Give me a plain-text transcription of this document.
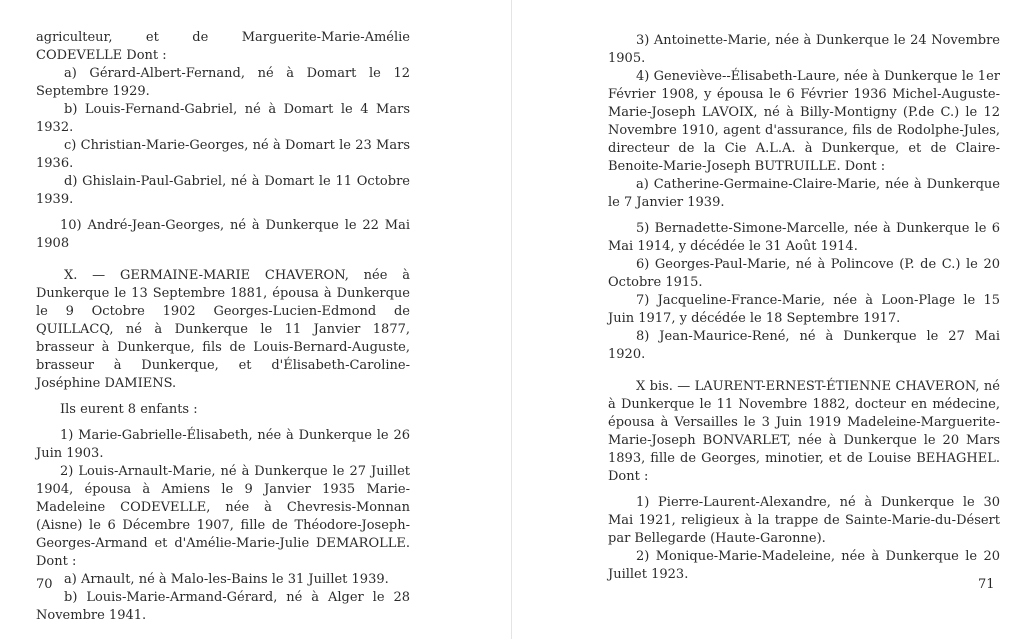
agriculteur, et de Marguerite-Marie-Amélie CODEVELLE Dont :

a) Gérard-Albert-Fernand, né à Domart le 12 Septembre 1929.

b) Louis-Fernand-Gabriel, né à Domart le 4 Mars 1932.

c) Christian-Marie-Georges, né à Domart le 23 Mars 1936.

d) Ghislain-Paul-Gabriel, né à Domart le 11 Octobre 1939.

10) André-Jean-Georges, né à Dunkerque le 22 Mai 1908

X. — GERMAINE-MARIE CHAVERON, née à Dunkerque le 13 Septembre 1881, épousa à Dunkerque le 9 Octobre 1902 Georges-Lucien-Edmond de QUILLACQ, né à Dunkerque le 11 Janvier 1877, brasseur à Dunkerque, fils de Louis-Bernard-Auguste, brasseur à Dunkerque, et d'Élisabeth-Caroline-Joséphine DAMIENS.

Ils eurent 8 enfants :

1) Marie-Gabrielle-Élisabeth, née à Dunkerque le 26 Juin 1903.

2) Louis-Arnault-Marie, né à Dunkerque le 27 Juillet 1904, épousa à Amiens le 9 Janvier 1935 Marie-Madeleine CODEVELLE, née à Chevresis-Monnan (Aisne) le 6 Décembre 1907, fille de Théodore-Joseph-Georges-Armand et d'Amélie-Marie-Julie DEMAROLLE. Dont :

a) Arnault, né à Malo-les-Bains le 31 Juillet 1939.

b) Louis-Marie-Armand-Gérard, né à Alger le 28 Novembre 1941.

70

3) Antoinette-Marie, née à Dunkerque le 24 Novembre 1905.

4) Geneviève--Élisabeth-Laure, née à Dunkerque le 1er Février 1908, y épousa le 6 Février 1936 Michel-Auguste-Marie-Joseph LAVOIX, né à Billy-Montigny (P.de C.) le 12 Novembre 1910, agent d'assurance, fils de Rodolphe-Jules, directeur de la Cie A.L.A. à Dunkerque, et de Claire-Benoite-Marie-Joseph BUTRUILLE. Dont :

a) Catherine-Germaine-Claire-Marie, née à Dunkerque le 7 Janvier 1939.

5) Bernadette-Simone-Marcelle, née à Dunkerque le 6 Mai 1914, y décédée le 31 Août 1914.

6) Georges-Paul-Marie, né à Polincove (P. de C.) le 20 Octobre 1915.

7) Jacqueline-France-Marie, née à Loon-Plage le 15 Juin 1917, y décédée le 18 Septembre 1917.

8) Jean-Maurice-René, né à Dunkerque le 27 Mai 1920.

X bis. — LAURENT-ERNEST-ÉTIENNE CHAVERON, né à Dunkerque le 11 Novembre 1882, docteur en médecine, épousa à Versailles le 3 Juin 1919 Madeleine-Marguerite-Marie-Joseph BONVARLET, née à Dunkerque le 20 Mars 1893, fille de Georges, minotier, et de Louise BEHAGHEL. Dont :

1) Pierre-Laurent-Alexandre, né à Dunkerque le 30 Mai 1921, religieux à la trappe de Sainte-Marie-du-Désert par Bellegarde (Haute-Garonne).

2) Monique-Marie-Madeleine, née à Dunkerque le 20 Juillet 1923.

71
